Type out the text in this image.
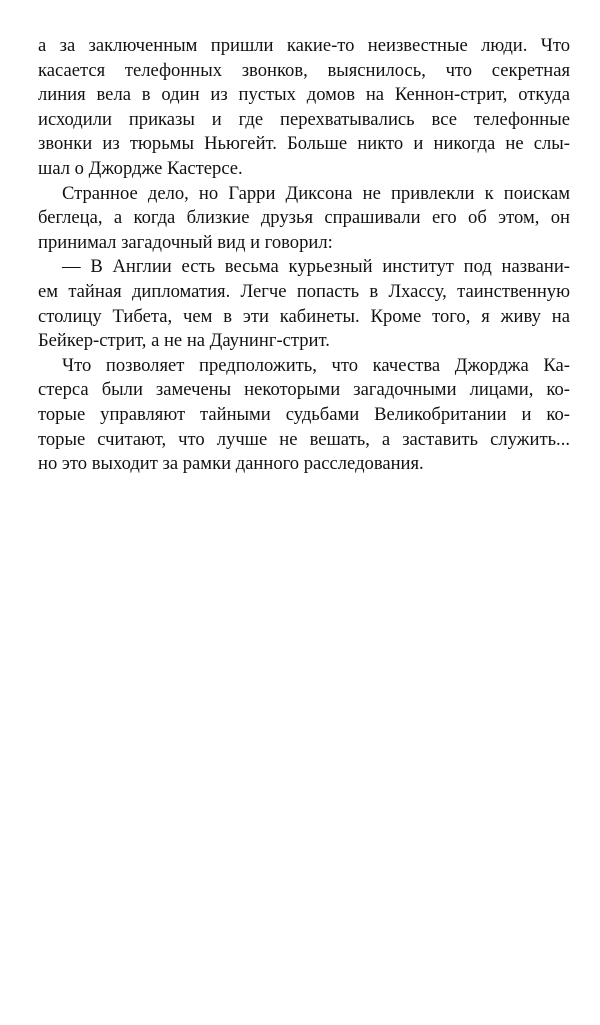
а за заключенным пришли какие-то неизвестные люди. Что
касается телефонных звонков, выяснилось, что секретная
линия вела в один из пустых домов на Кеннон-стрит, откуда
исходили приказы и где перехватывались все телефонные
звонки из тюрьмы Ньюгейт. Больше никто и никогда не слы-
шал о Джордже Кастерсе.
Странное дело, но Гарри Диксона не привлекли к поискам
беглеца, а когда близкие друзья спрашивали его об этом, он
принимал загадочный вид и говорил:
— В Англии есть весьма курьезный институт под названи-
ем тайная дипломатия. Легче попасть в Лхассу, таинственную
столицу Тибета, чем в эти кабинеты. Кроме того, я живу на
Бейкер-стрит, а не на Даунинг-стрит.
Что позволяет предположить, что качества Джорджа Ка-
стерса были замечены некоторыми загадочными лицами, ко-
торые управляют тайными судьбами Великобритании и ко-
торые считают, что лучше не вешать, а заставить служить...
но это выходит за рамки данного расследования.
